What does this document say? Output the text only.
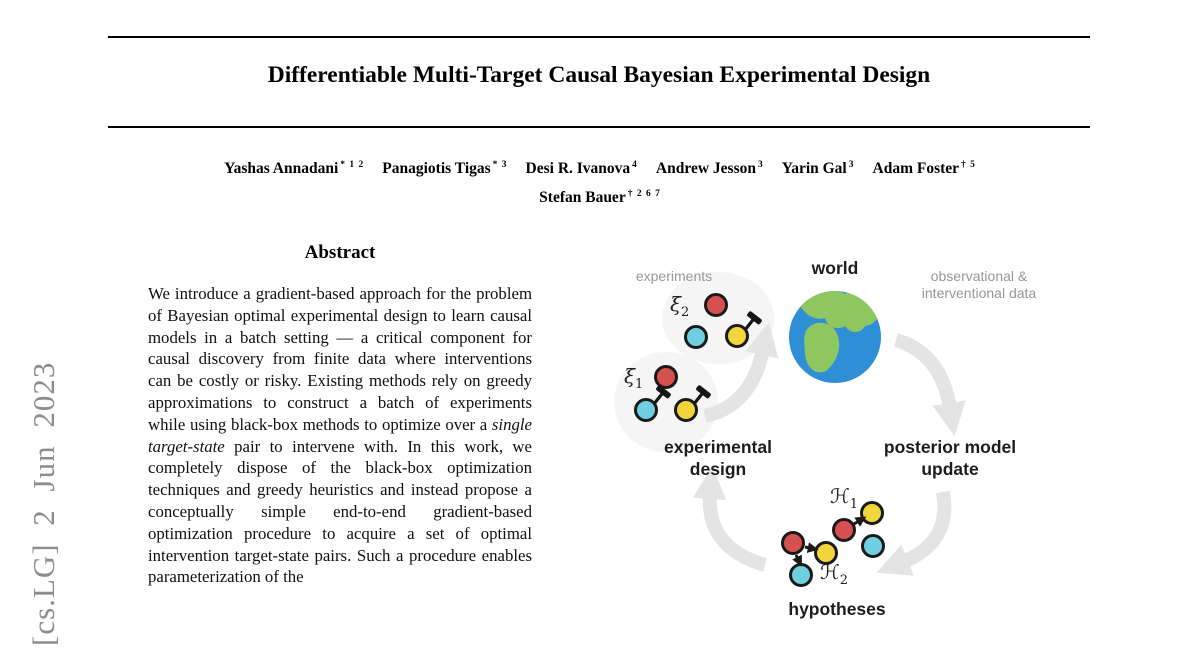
[cs.LG] 2 Jun 2023
Differentiable Multi-Target Causal Bayesian Experimental Design
Yashas Annadani $^{* 1 2}$ Panagiotis Tigas $^{* 3}$ Desi R. Ivanova $^4$ Andrew Jesson $^3$ Yarin Gal $^3$ Adam Foster $^{\dagger 5}$
Stefan Bauer $^{\dagger 2 6 7}$
Abstract
We introduce a gradient-based approach for the problem of Bayesian optimal experimental design to learn causal models in a batch setting — a critical component for causal discovery from finite data where interventions can be costly or risky. Existing methods rely on greedy approximations to construct a batch of experiments while using black-box methods to optimize over a single target-state pair to intervene with. In this work, we completely dispose of the black-box optimization techniques and greedy heuristics and instead propose a conceptually simple end-to-end gradient-based optimization procedure to acquire a set of optimal intervention target-state pairs. Such a procedure enables parameterization of the
experiments	world	observational &
interventional data
experimental
design
posterior model
update
hypotheses
$\xi_2$
$\xi_1$
ℋ$_1$
ℋ$_2$
